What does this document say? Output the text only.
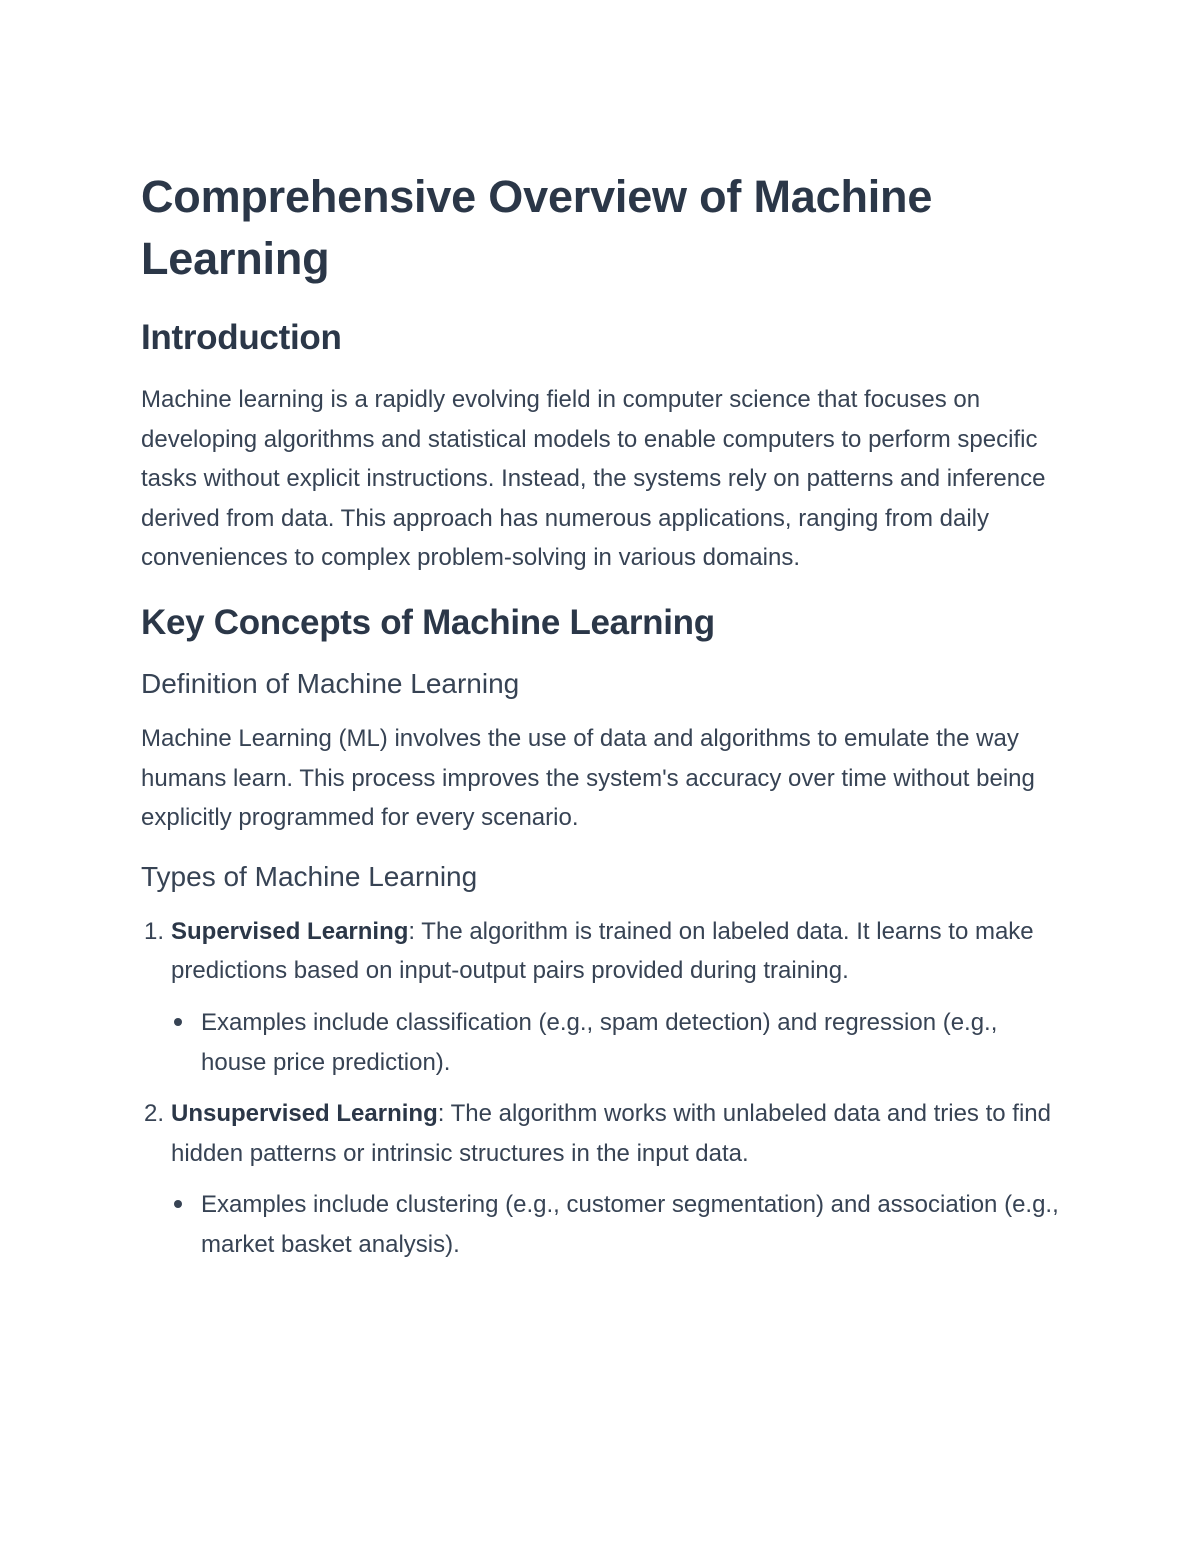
Comprehensive Overview of Machine Learning
Introduction

Machine learning is a rapidly evolving field in computer science that focuses on developing algorithms and statistical models to enable computers to perform specific tasks without explicit instructions. Instead, the systems rely on patterns and inference derived from data. This approach has numerous applications, ranging from daily conveniences to complex problem-solving in various domains.

Key Concepts of Machine Learning
Definition of Machine Learning

Machine Learning (ML) involves the use of data and algorithms to emulate the way humans learn. This process improves the system's accuracy over time without being explicitly programmed for every scenario.

Types of Machine Learning
1. Supervised Learning: The algorithm is trained on labeled data. It learns to make predictions based on input-output pairs provided during training.
Examples include classification (e.g., spam detection) and regression (e.g., house price prediction).
2. Unsupervised Learning: The algorithm works with unlabeled data and tries to find hidden patterns or intrinsic structures in the input data.
Examples include clustering (e.g., customer segmentation) and association (e.g., market basket analysis).
